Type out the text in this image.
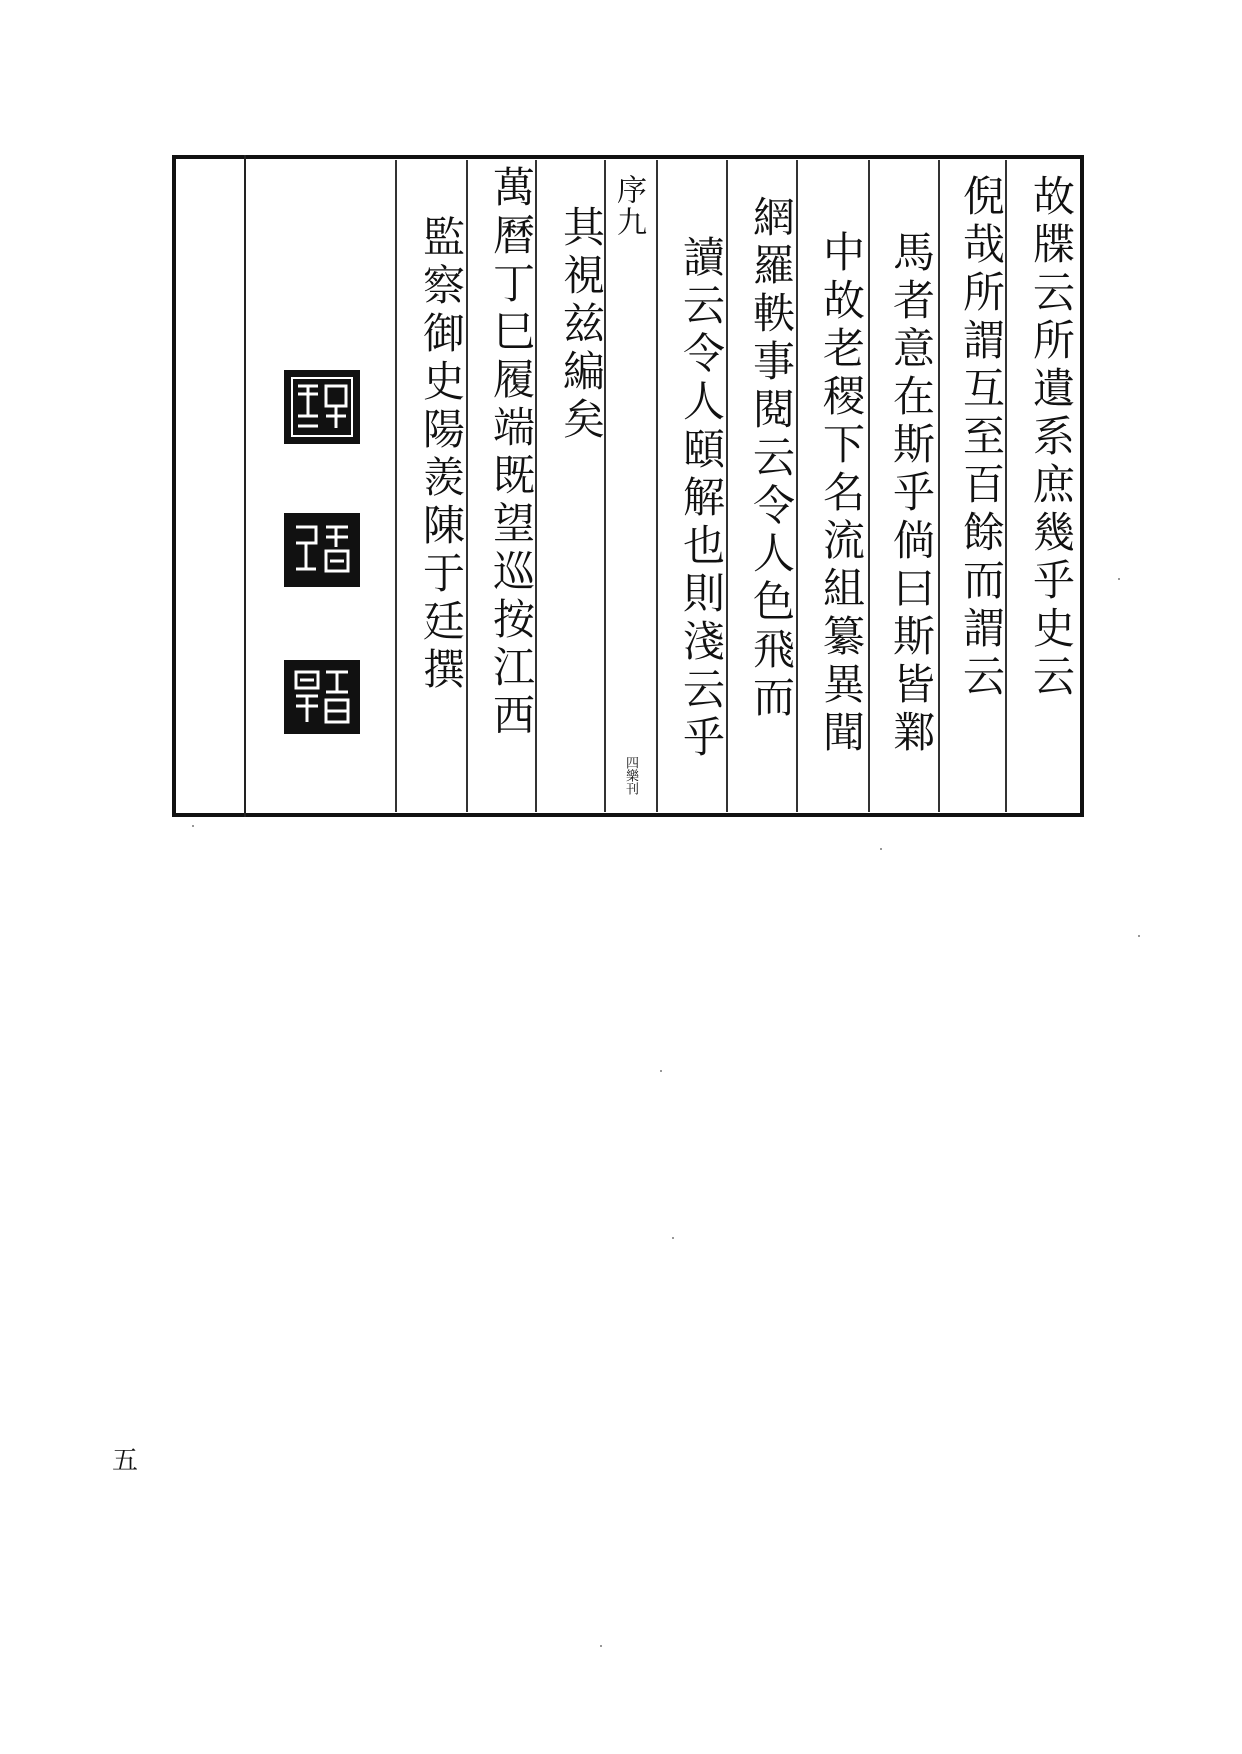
故牒云所遺系庶幾乎史云
倪哉所謂互至百餘而謂云
馬者意在斯乎倘曰斯皆鄴
中故老稷下名流組纂異聞
網羅軼事閱云令人色飛而
讀云令人頤解也則淺云乎
序九
四樂刊
其視兹編矣
萬曆丁巳履端既望巡按江西
監察御史陽羨陳于廷撰
五
